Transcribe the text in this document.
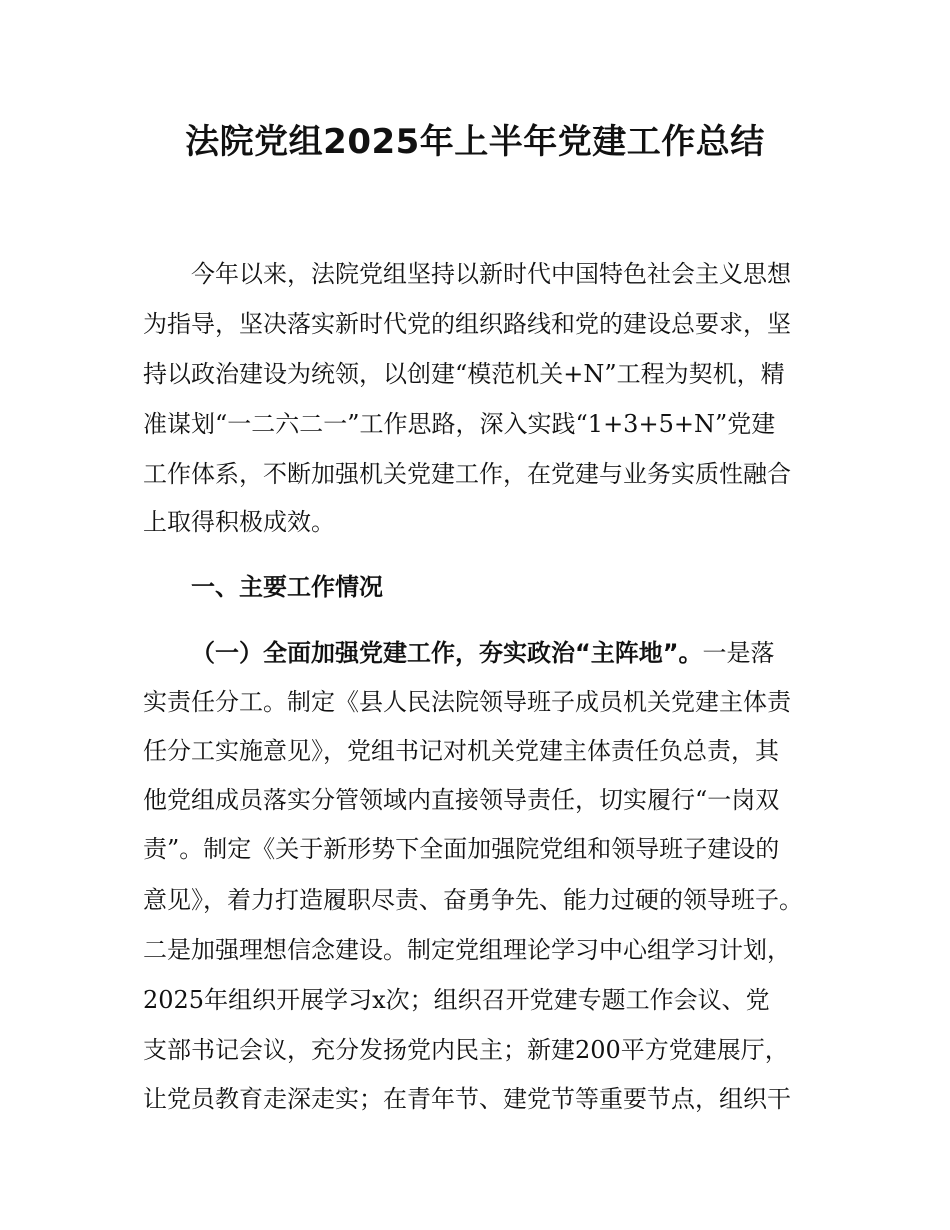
法院党组2025年上半年党建工作总结
今年以来，法院党组坚持以新时代中国特色社会主义思想
为指导，坚决落实新时代党的组织路线和党的建设总要求，坚
持以政治建设为统领，以创建“模范机关+N”工程为契机，精
准谋划“一二六二一”工作思路，深入实践“1+3+5+N”党建
工作体系，不断加强机关党建工作，在党建与业务实质性融合
上取得积极成效。
一、主要工作情况
（一）全面加强党建工作，夯实政治“主阵地”。一是落
实责任分工。制定《县人民法院领导班子成员机关党建主体责
任分工实施意见》，党组书记对机关党建主体责任负总责，其
他党组成员落实分管领域内直接领导责任，切实履行“一岗双
责”。制定《关于新形势下全面加强院党组和领导班子建设的
意见》，着力打造履职尽责、奋勇争先、能力过硬的领导班子。
二是加强理想信念建设。制定党组理论学习中心组学习计划，
2025年组织开展学习x次；组织召开党建专题工作会议、党
支部书记会议，充分发扬党内民主；新建200平方党建展厅，
让党员教育走深走实；在青年节、建党节等重要节点，组织干
